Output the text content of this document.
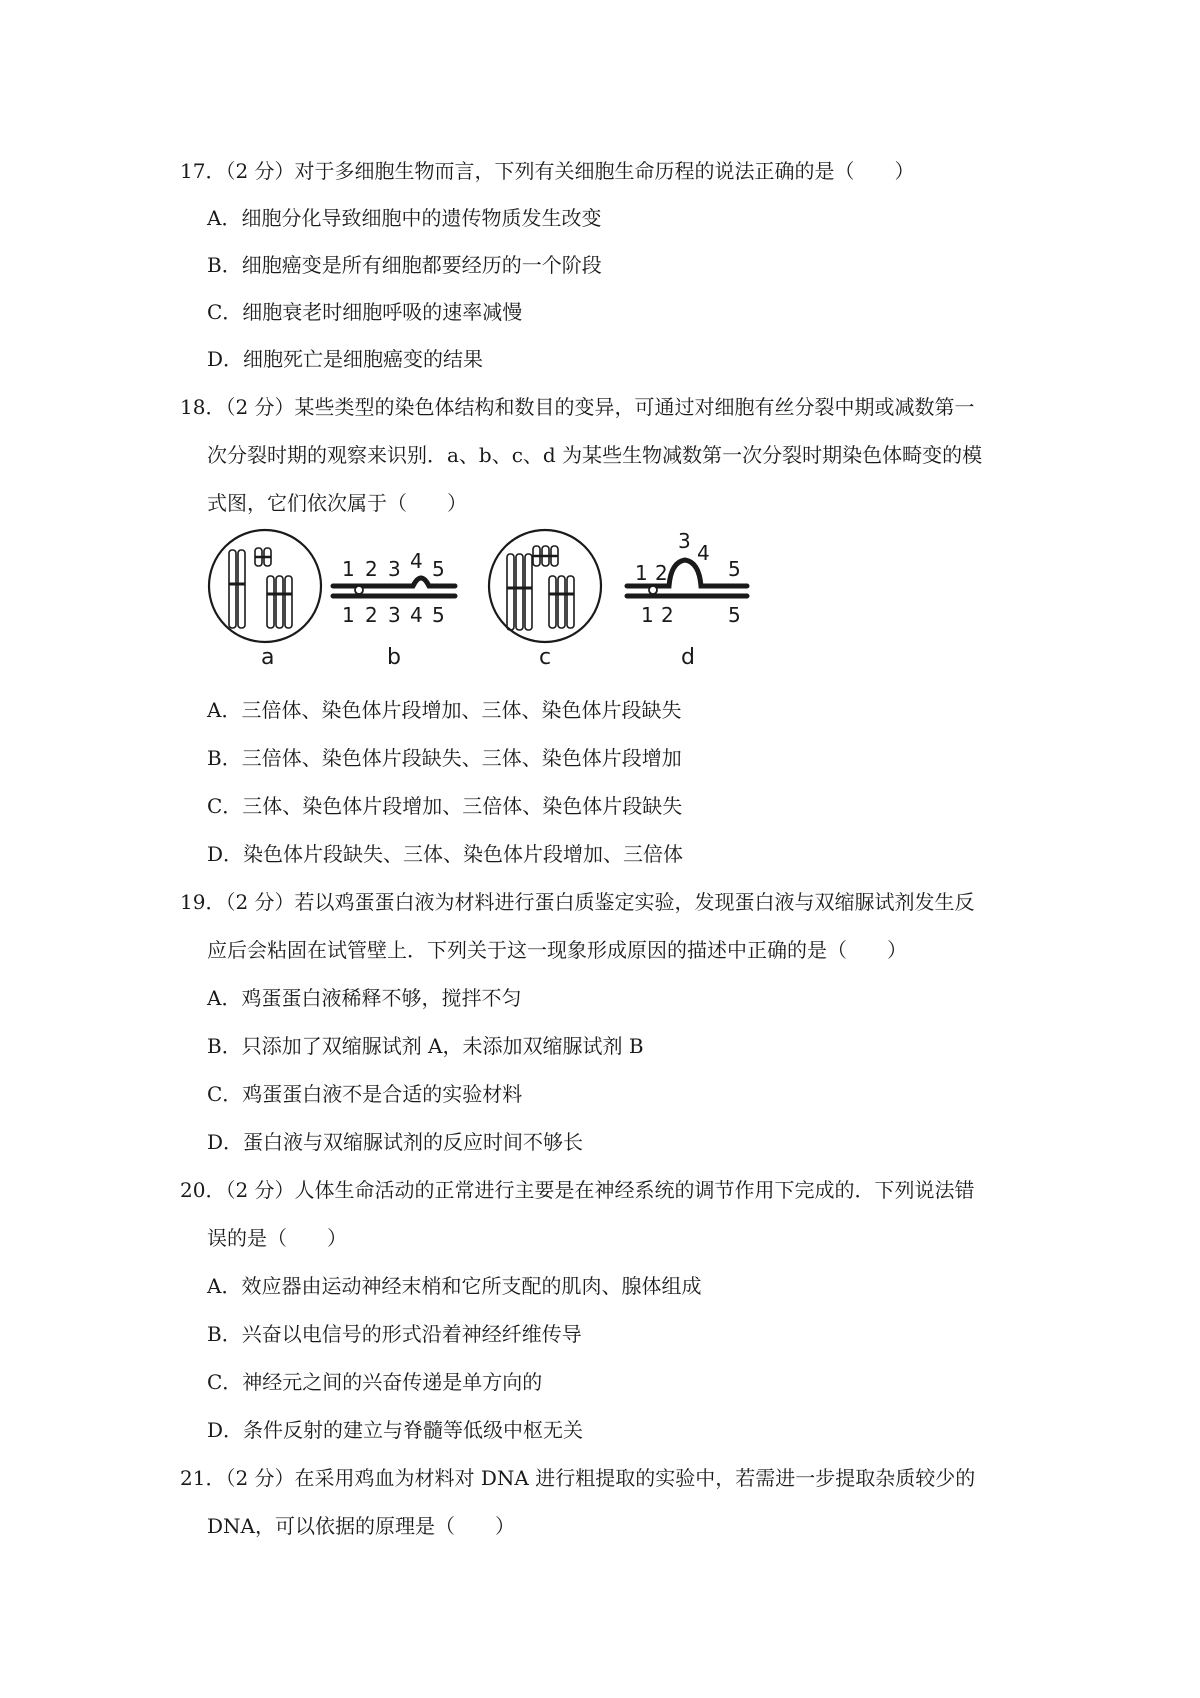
17．（2 分）对于多细胞生物而言，下列有关细胞生命历程的说法正确的是（　　）
A．细胞分化导致细胞中的遗传物质发生改变
B．细胞癌变是所有细胞都要经历的一个阶段
C．细胞衰老时细胞呼吸的速率减慢
D．细胞死亡是细胞癌变的结果
18．（2 分）某些类型的染色体结构和数目的变异，可通过对细胞有丝分裂中期或减数第一
次分裂时期的观察来识别．a、b、c、d 为某些生物减数第一次分裂时期染色体畸变的模
式图，它们依次属于（　　）
a
1 2 3 4 5
1 2 3 4 5
b	c
1 2
3 4
5
1 2	5
d
A．三倍体、染色体片段增加、三体、染色体片段缺失
B．三倍体、染色体片段缺失、三体、染色体片段增加
C．三体、染色体片段增加、三倍体、染色体片段缺失
D．染色体片段缺失、三体、染色体片段增加、三倍体
19．（2 分）若以鸡蛋蛋白液为材料进行蛋白质鉴定实验，发现蛋白液与双缩脲试剂发生反
应后会粘固在试管壁上．下列关于这一现象形成原因的描述中正确的是（　　）
A．鸡蛋蛋白液稀释不够，搅拌不匀
B．只添加了双缩脲试剂 A，未添加双缩脲试剂 B
C．鸡蛋蛋白液不是合适的实验材料
D．蛋白液与双缩脲试剂的反应时间不够长
20．（2 分）人体生命活动的正常进行主要是在神经系统的调节作用下完成的．下列说法错
误的是（　　）
A．效应器由运动神经末梢和它所支配的肌肉、腺体组成
B．兴奋以电信号的形式沿着神经纤维传导
C．神经元之间的兴奋传递是单方向的
D．条件反射的建立与脊髓等低级中枢无关
21．（2 分）在采用鸡血为材料对 DNA 进行粗提取的实验中，若需进一步提取杂质较少的
DNA，可以依据的原理是（　　）
